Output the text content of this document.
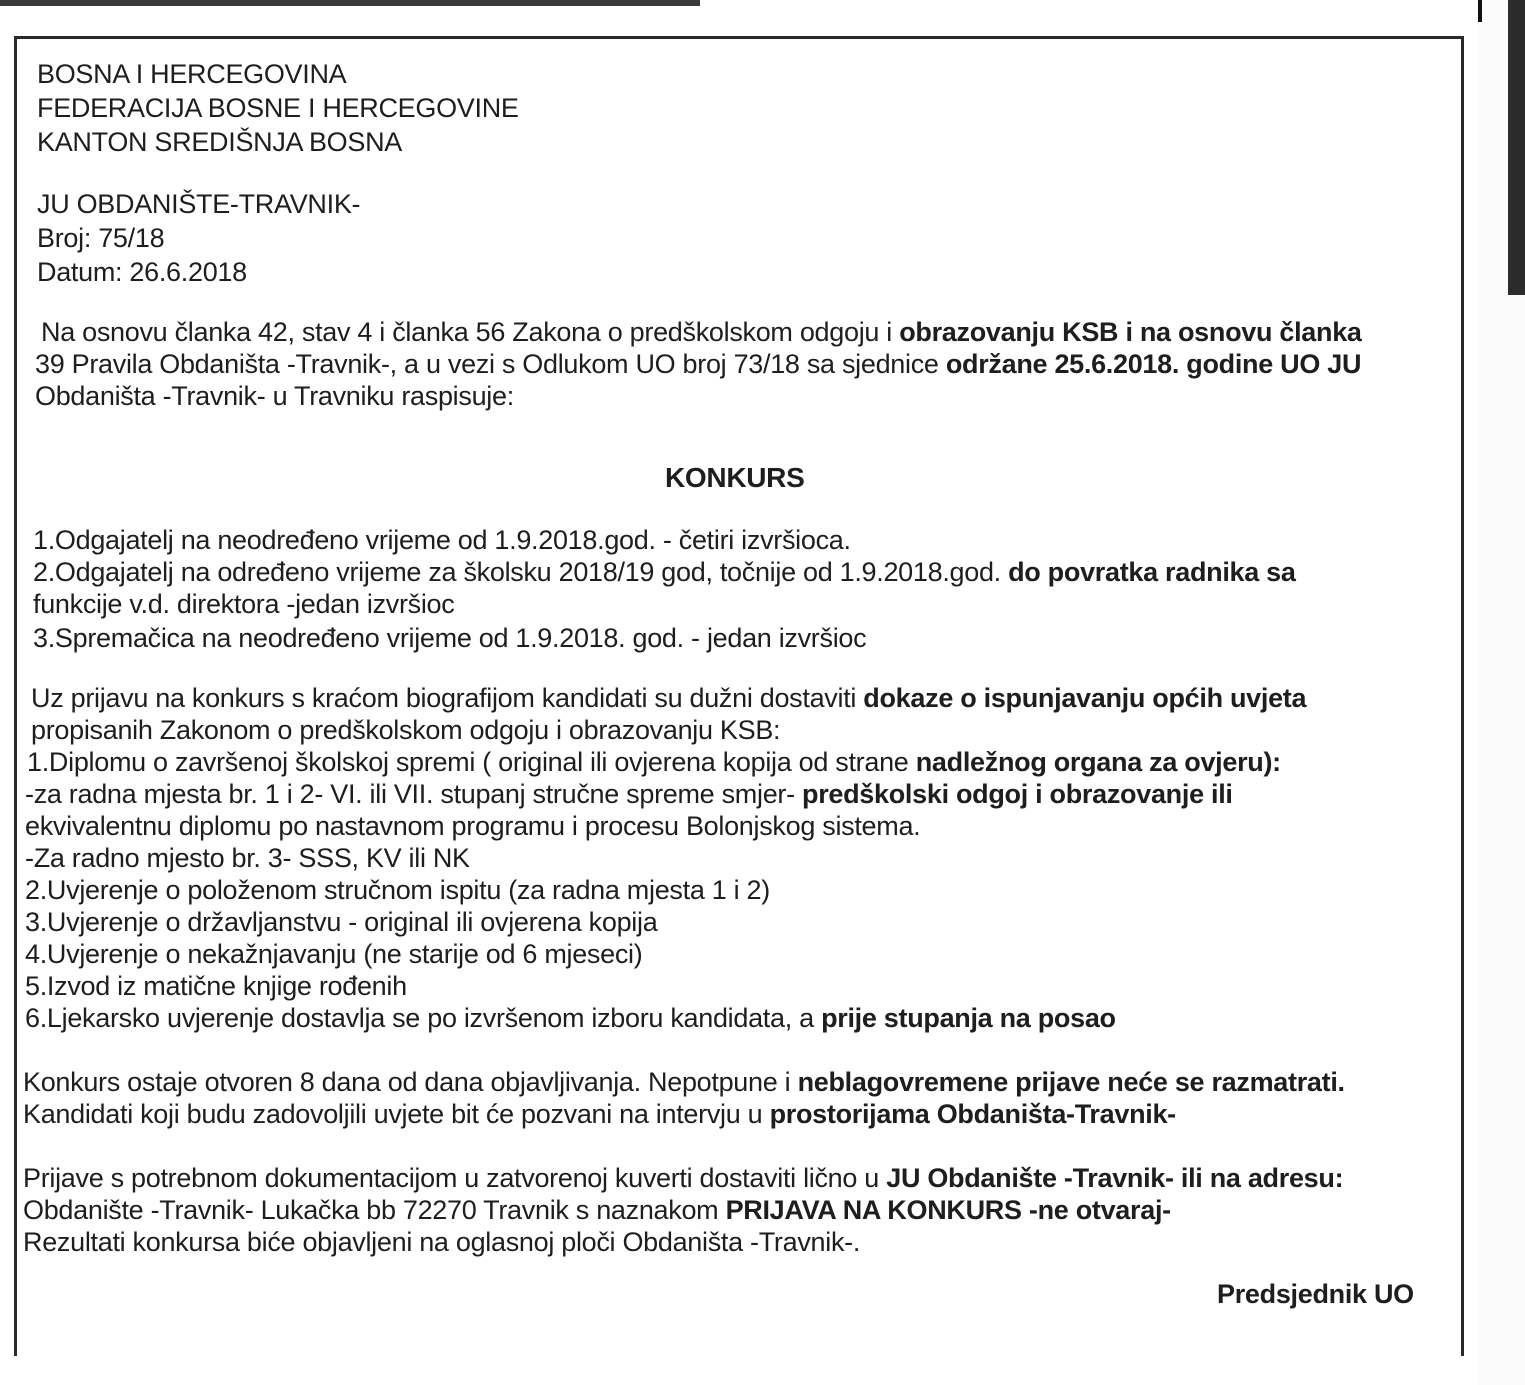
BOSNA I HERCEGOVINA
FEDERACIJA BOSNE I HERCEGOVINE
KANTON SREDIŠNJA BOSNA
JU OBDANIŠTE-TRAVNIK-
Broj: 75/18
Datum: 26.6.2018
Na osnovu članka 42, stav 4 i članka 56 Zakona o predškolskom odgoju i obrazovanju KSB i na osnovu članka
39 Pravila Obdaništa -Travnik-, a u vezi s Odlukom UO broj 73/18 sa sjednice održane 25.6.2018. godine UO JU
Obdaništa -Travnik- u Travniku raspisuje:
KONKURS
1.Odgajatelj na neodređeno vrijeme od 1.9.2018.god. - četiri izvršioca.
2.Odgajatelj na određeno vrijeme za školsku 2018/19 god, točnije od 1.9.2018.god. do povratka radnika sa
funkcije v.d. direktora -jedan izvršioc
3.Spremačica na neodređeno vrijeme od 1.9.2018. god. - jedan izvršioc
Uz prijavu na konkurs s kraćom biografijom kandidati su dužni dostaviti dokaze o ispunjavanju općih uvjeta
propisanih Zakonom o predškolskom odgoju i obrazovanju KSB:
1.Diplomu o završenoj školskoj spremi ( original ili ovjerena kopija od strane nadležnog organa za ovjeru):
-za radna mjesta br. 1 i 2- VI. ili VII. stupanj stručne spreme smjer- predškolski odgoj i obrazovanje ili
ekvivalentnu diplomu po nastavnom programu i procesu Bolonjskog sistema.
-Za radno mjesto br. 3- SSS, KV ili NK
2.Uvjerenje o položenom stručnom ispitu (za radna mjesta 1 i 2)
3.Uvjerenje o državljanstvu - original ili ovjerena kopija
4.Uvjerenje o nekažnjavanju (ne starije od 6 mjeseci)
5.Izvod iz matične knjige rođenih
6.Ljekarsko uvjerenje dostavlja se po izvršenom izboru kandidata, a prije stupanja na posao
Konkurs ostaje otvoren 8 dana od dana objavljivanja. Nepotpune i neblagovremene prijave neće se razmatrati.
Kandidati koji budu zadovoljili uvjete bit će pozvani na intervju u prostorijama Obdaništa-Travnik-
Prijave s potrebnom dokumentacijom u zatvorenoj kuverti dostaviti lično u JU Obdanište -Travnik- ili na adresu:
Obdanište -Travnik- Lukačka bb 72270 Travnik s naznakom PRIJAVA NA KONKURS -ne otvaraj-
Rezultati konkursa biće objavljeni na oglasnoj ploči Obdaništa -Travnik-.
Predsjednik UO
